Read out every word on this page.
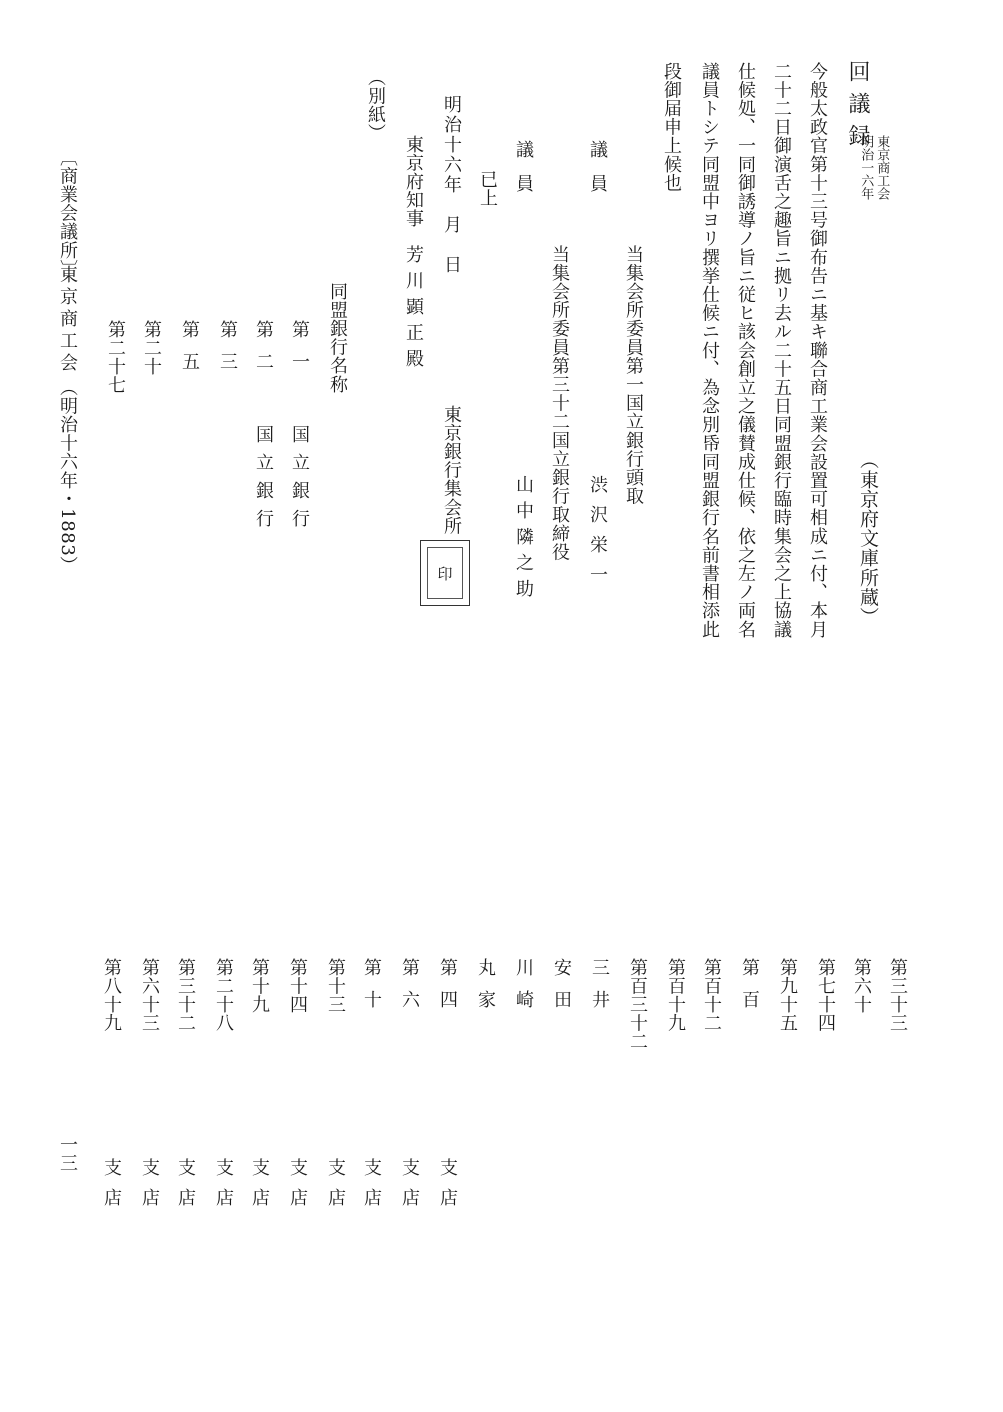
回議録
東京商工会
明治一六年
（東京府文庫所蔵）
今般太政官第十三号御布告ニ基キ聯合商工業会設置可相成ニ付、本月
二十二日御演舌之趣旨ニ拠リ去ル二十五日同盟銀行臨時集会之上協議
仕候処、一同御誘導ノ旨ニ従ヒ該会創立之儀賛成仕候、依之左ノ両名
議員トシテ同盟中ヨリ撰挙仕候ニ付、為念別帋同盟銀行名前書相添此
段御届申上候也
議員
当集会所委員第一国立銀行頭取
渋沢栄一
議員
当集会所委員第三十二国立銀行取締役
山中隣之助
已上
明治十六年　月　日
東京銀行集会所
印
東京府知事
芳川顕正殿
（別紙）
同盟銀行名称
第一
国立銀行
第二
国立銀行
第三
第五
第二十
第二十七
第三十三
第六十
第七十四
第九十五
第百
第百十二
第百十九
第百三十二
三井
安田
川崎
丸家
第四
第六
第十
第十三
第十四
第十九
第二十八
第三十二
第六十三
第八十九
支店
支店
支店
支店
支店
支店
支店
支店
支店
支店
〔商業会議所〕
東京商工会
（明治十六年・1883）
一三
